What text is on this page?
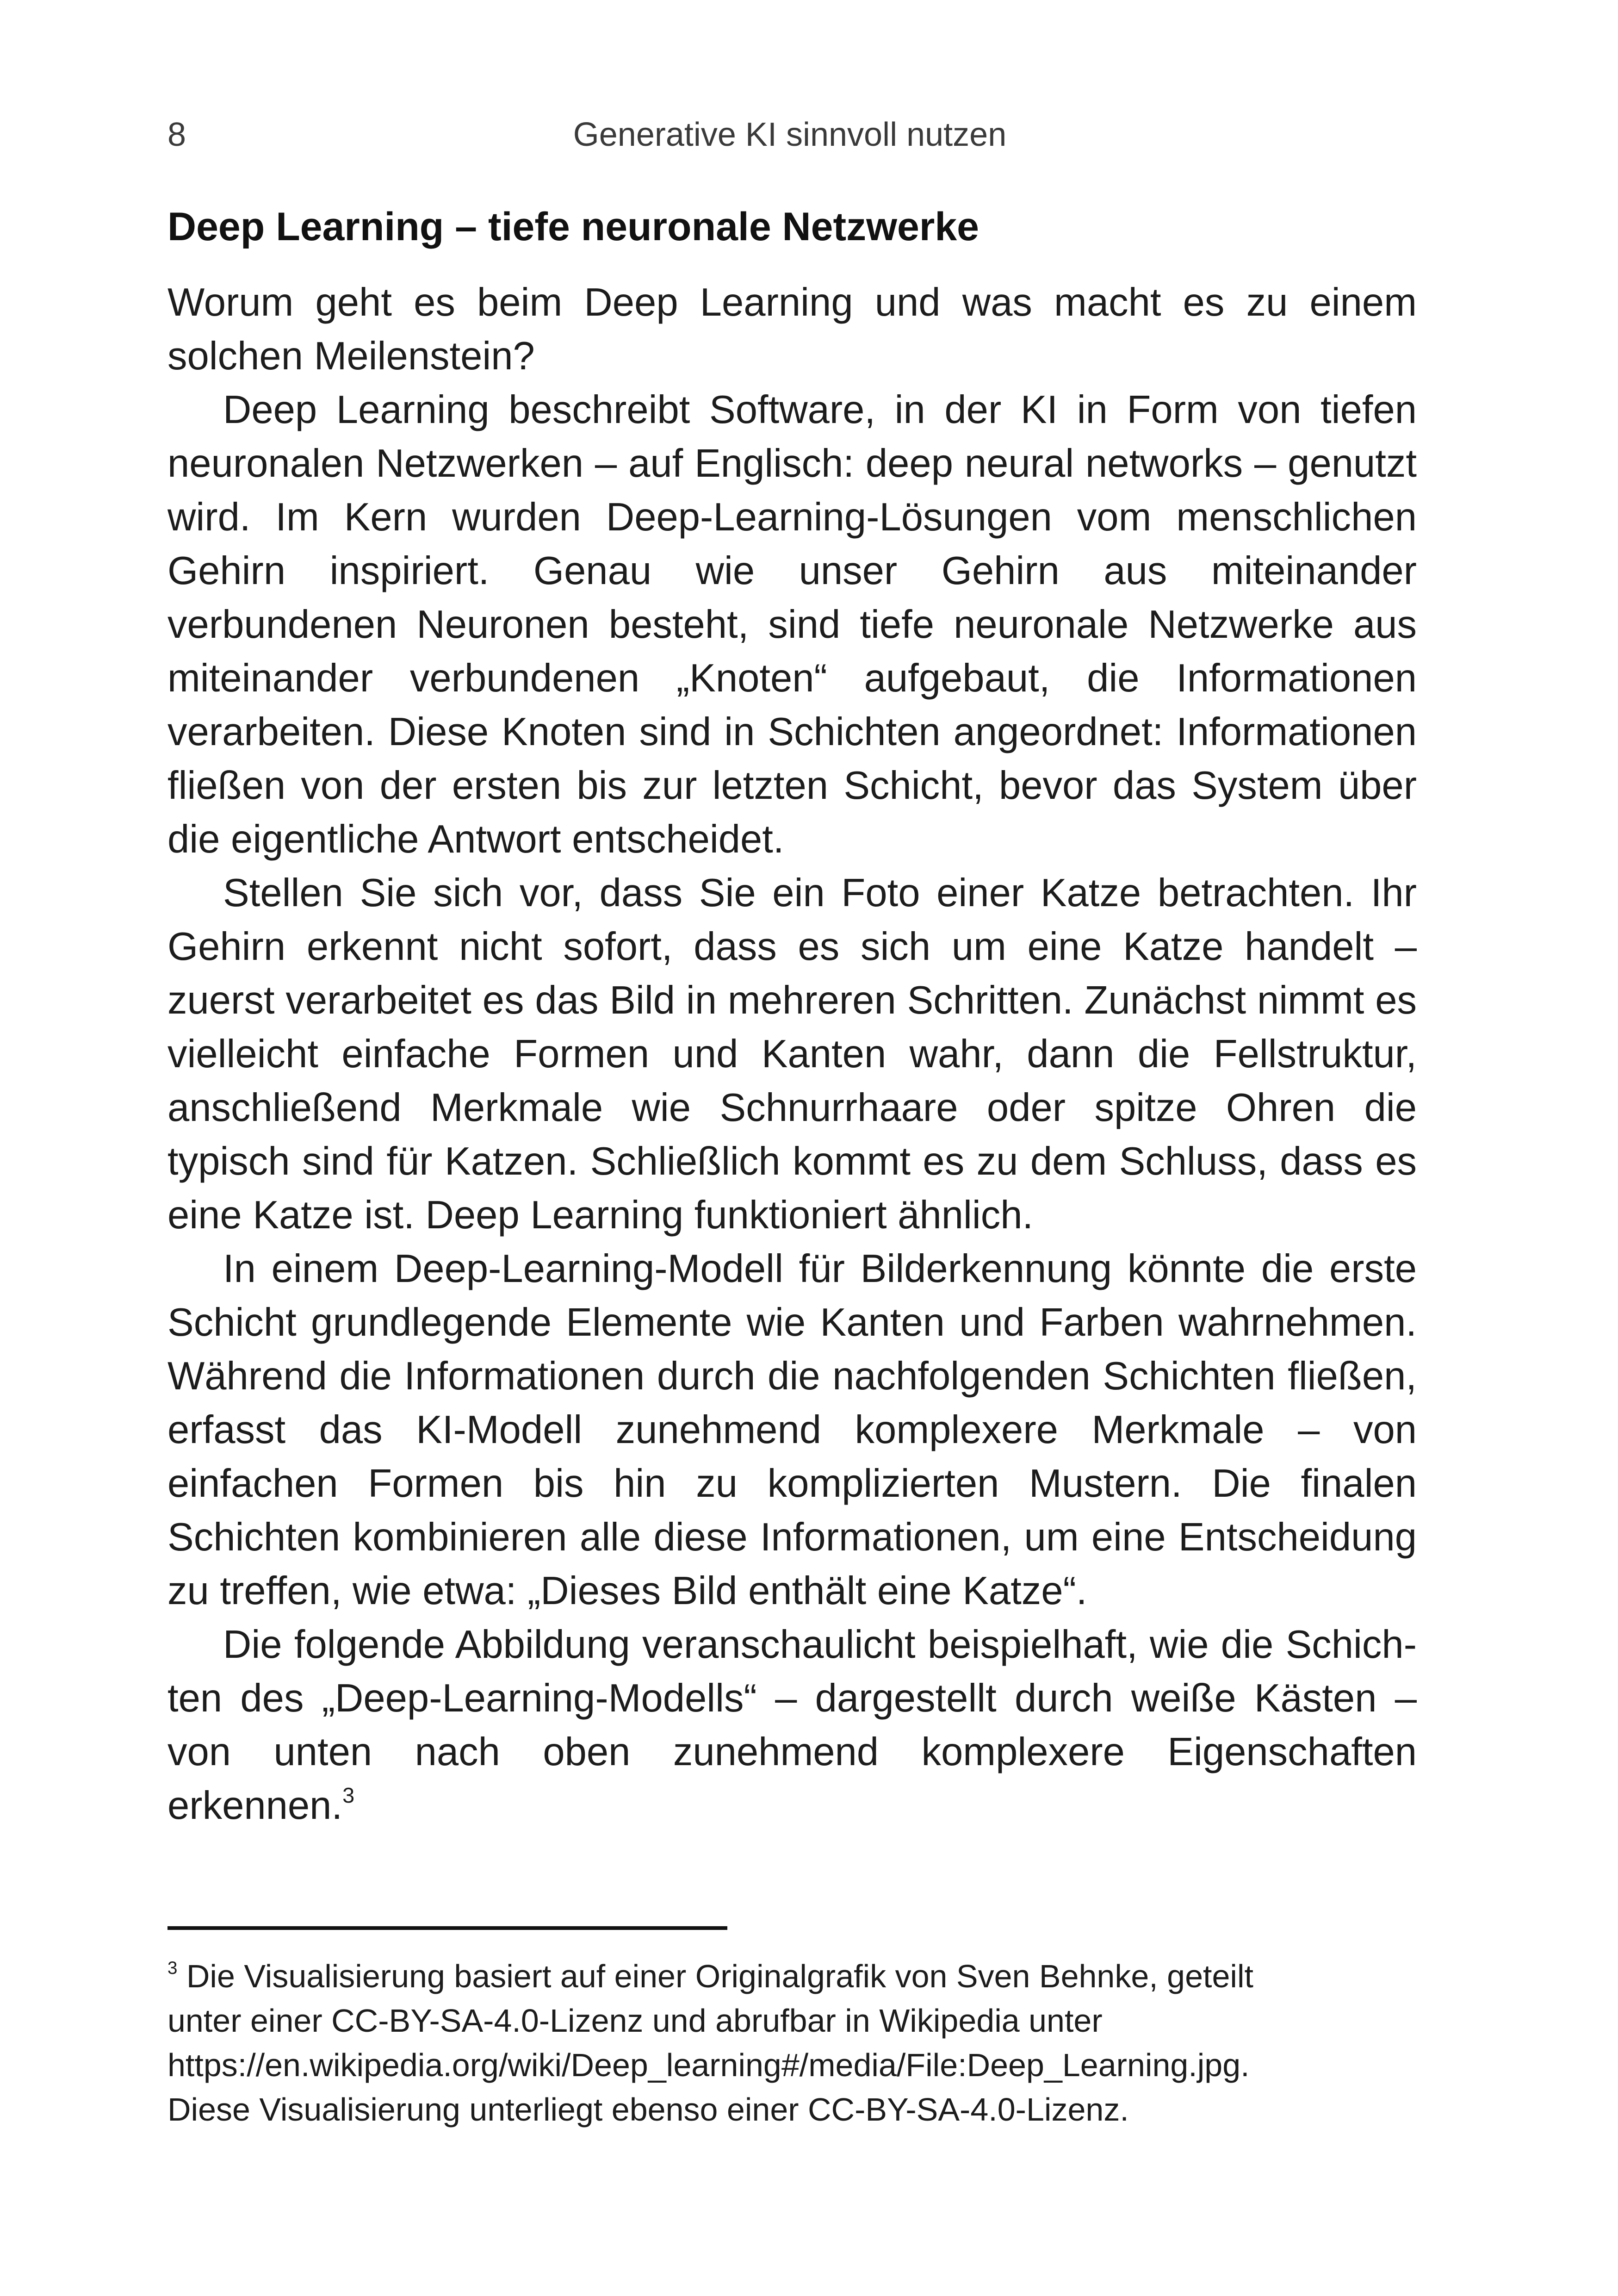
8	Generative KI sinnvoll nutzen
Deep Learning – tiefe neuronale Netzwerke

Worum geht es beim Deep Learning und was macht es zu einem solchen Meilenstein?

Deep Learning beschreibt Software, in der KI in Form von tiefen neuronalen Netzwerken – auf Englisch: deep neural networks – genutzt wird. Im Kern wurden Deep-Learning-Lösungen vom menschlichen Gehirn inspiriert. Genau wie unser Gehirn aus miteinander verbundenen Neuronen besteht, sind tiefe neuronale Netzwerke aus miteinander verbundenen „Knoten“ aufgebaut, die Informationen verarbeiten. Diese Knoten sind in Schichten angeordnet: Informationen fließen von der ersten bis zur letzten Schicht, bevor das System über die eigentliche Antwort entscheidet.

Stellen Sie sich vor, dass Sie ein Foto einer Katze betrachten. Ihr Gehirn erkennt nicht sofort, dass es sich um eine Katze handelt – zuerst verarbeitet es das Bild in mehreren Schritten. Zunächst nimmt es vielleicht einfache Formen und Kanten wahr, dann die Fellstruktur, anschließend Merkmale wie Schnurrhaare oder spitze Ohren die typisch sind für Katzen. Schließlich kommt es zu dem Schluss, dass es eine Katze ist. Deep Learning funktioniert ähnlich.

In einem Deep-Learning-Modell für Bilderkennung könnte die erste Schicht grundlegende Elemente wie Kanten und Farben wahrnehmen. Während die Informationen durch die nachfolgenden Schichten fließen, erfasst das KI-Modell zunehmend komplexere Merkmale – von einfachen Formen bis hin zu komplizierten Mustern. Die finalen Schichten kombinieren alle diese Informationen, um eine Entscheidung zu treffen, wie etwa: „Dieses Bild enthält eine Katze“.

Die folgende Abbildung veranschaulicht beispielhaft, wie die Schichten des „Deep-Learning-Modells“ – dargestellt durch weiße Kästen – von unten nach oben zunehmend komplexere Eigenschaften erkennen.$^3$

$^3$ Die Visualisierung basiert auf einer Originalgrafik von Sven Behnke, geteilt
unter einer CC-BY-SA-4.0-Lizenz und abrufbar in Wikipedia unter
https://en.wikipedia.org/wiki/Deep_learning#/media/File:Deep_Learning.jpg.
Diese Visualisierung unterliegt ebenso einer CC-BY-SA-4.0-Lizenz.
